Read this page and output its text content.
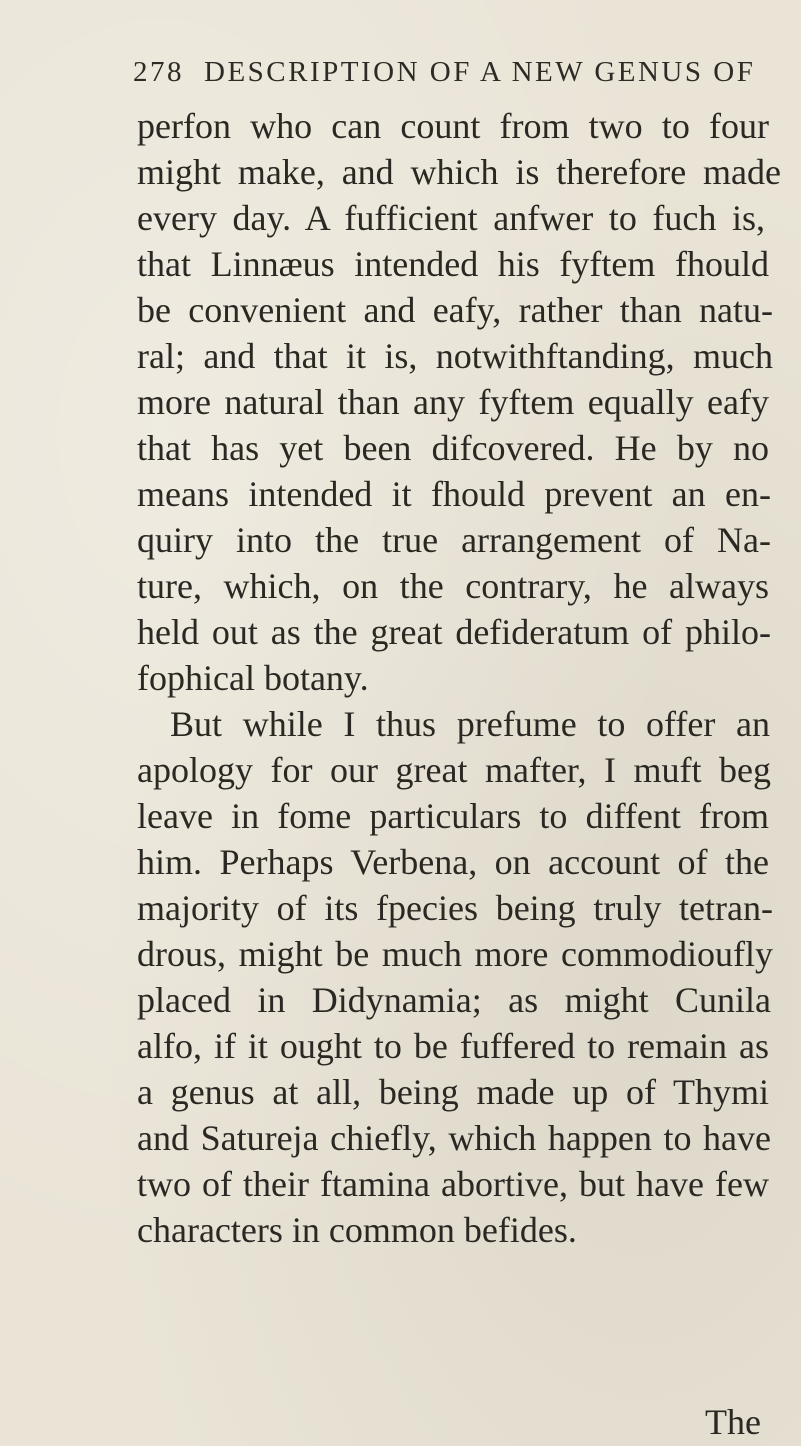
278 DESCRIPTION OF A NEW GENUS OF
perfon who can count from two to four
might make, and which is therefore made
every day. A fufficient anfwer to fuch is,
that Linnæus intended his fyftem fhould
be convenient and eafy, rather than natu-
ral; and that it is, notwithftanding, much
more natural than any fyftem equally eafy
that has yet been difcovered. He by no
means intended it fhould prevent an en-
quiry into the true arrangement of Na-
ture, which, on the contrary, he always
held out as the great defideratum of philo-
fophical botany.
But while I thus prefume to offer an
apology for our great mafter, I muft beg
leave in fome particulars to diffent from
him. Perhaps Verbena, on account of the
majority of its fpecies being truly tetran-
drous, might be much more commodioufly
placed in Didynamia; as might Cunila
alfo, if it ought to be fuffered to remain as
a genus at all, being made up of Thymi
and Satureja chiefly, which happen to have
two of their ftamina abortive, but have few
characters in common befides.
The
